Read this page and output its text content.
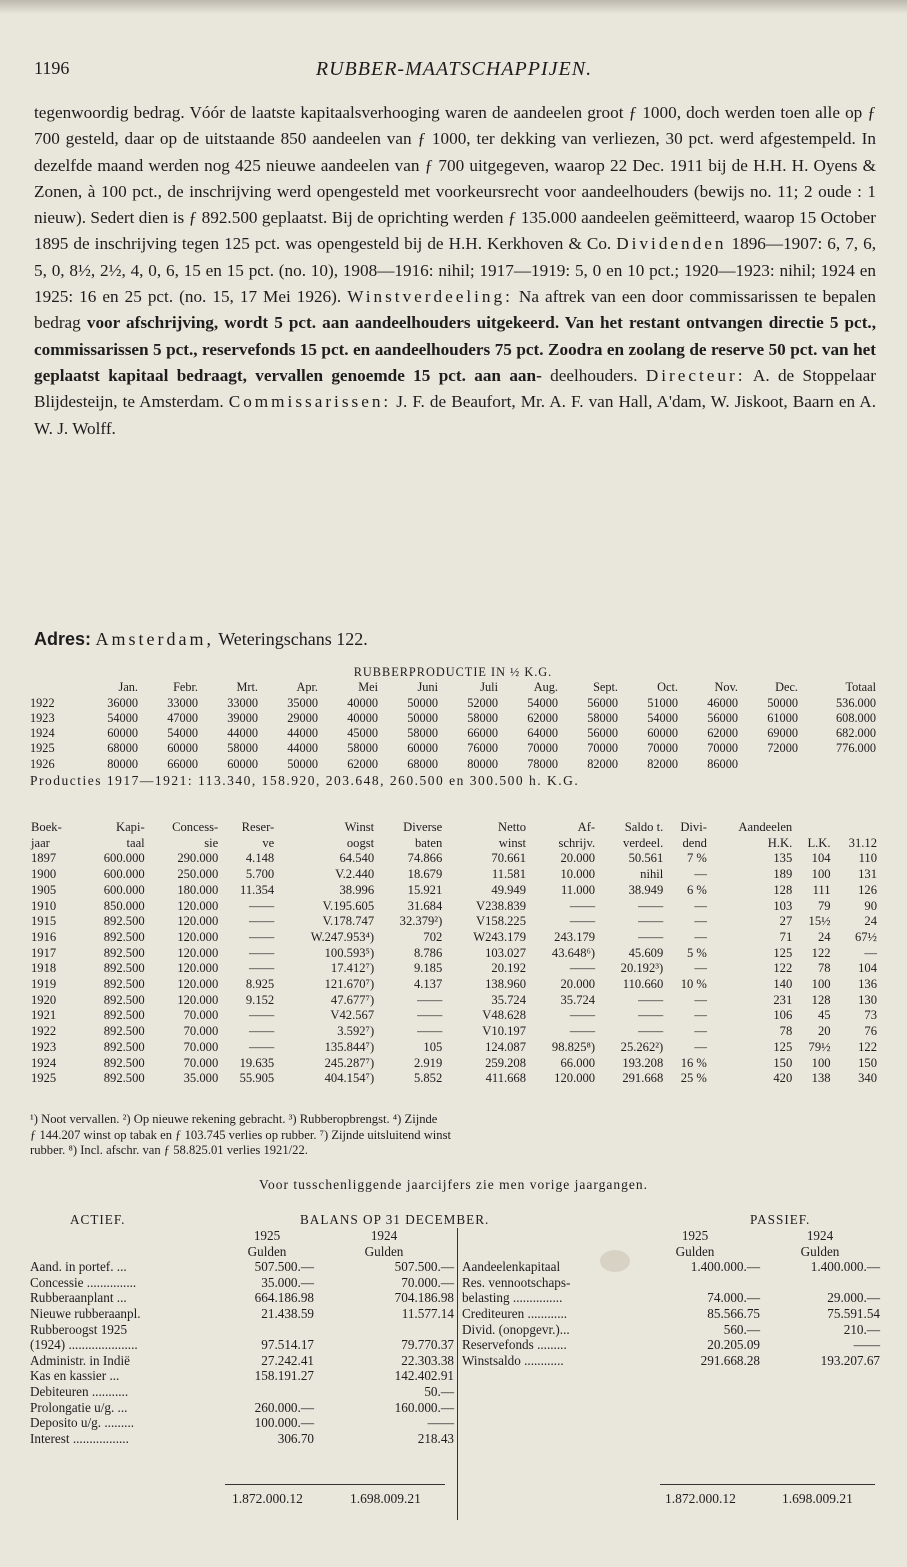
1196	RUBBER-MAATSCHAPPIJEN.

tegenwoordig bedrag. Vóór de laatste kapitaalsverhooging waren de aandeelen groot ƒ 1000, doch werden toen alle op ƒ 700 gesteld, daar op de uitstaande 850 aandeelen van ƒ 1000, ter dekking van verliezen, 30 pct. werd afgestempeld. In dezelfde maand werden nog 425 nieuwe aandeelen van ƒ 700 uitgegeven, waarop 22 Dec. 1911 bij de H.H. H. Oyens & Zonen, à 100 pct., de inschrijving werd opengesteld met voorkeursrecht voor aandeelhouders (bewijs no. 11; 2 oude : 1 nieuw). Sedert dien is ƒ 892.500 geplaatst. Bij de oprichting werden ƒ 135.000 aandeelen geëmitteerd, waarop 15 October 1895 de inschrijving tegen 125 pct. was opengesteld bij de H.H. Kerkhoven & Co. Dividenden 1896—1907: 6, 7, 6, 5, 0, 8½, 2½, 4, 0, 6, 15 en 15 pct. (no. 10), 1908—1916: nihil; 1917—1919: 5, 0 en 10 pct.; 1920—1923: nihil; 1924 en 1925: 16 en 25 pct. (no. 15, 17 Mei 1926). Winstverdeeling: Na aftrek van een door commissarissen te bepalen bedrag voor afschrijving, wordt 5 pct. aan aandeelhouders uitgekeerd. Van het restant ontvangen directie 5 pct., commissarissen 5 pct., reservefonds 15 pct. en aandeelhouders 75 pct. Zoodra en zoolang de reserve 50 pct. van het geplaatst kapitaal bedraagt, vervallen genoemde 15 pct. aan aan- deelhouders. Directeur: A. de Stoppelaar Blijdesteijn, te Amsterdam. Commissarissen: J. F. de Beaufort, Mr. A. F. van Hall, A'dam, W. Jiskoot, Baarn en A. W. J. Wolff.

Adres: Amsterdam, Weteringschans 122.
RUBBERPRODUCTIE IN ½ K.G.
	Jan.	Febr.	Mrt.	Apr.	Mei	Juni	Juli	Aug.	Sept.	Oct.	Nov.	Dec.	Totaal
1922	36000	33000	33000	35000	40000	50000	52000	54000	56000	51000	46000	50000	536.000
1923	54000	47000	39000	29000	40000	50000	58000	62000	58000	54000	56000	61000	608.000
1924	60000	54000	44000	44000	45000	58000	66000	64000	56000	60000	62000	69000	682.000
1925	68000	60000	58000	44000	58000	60000	76000	70000	70000	70000	70000	72000	776.000
1926	80000	66000	60000	50000	62000	68000	80000	78000	82000	82000	86000		
Producties 1917—1921: 113.340, 158.920, 203.648, 260.500 en 300.500 h. K.G.
Boek-	Kapi-	Concess-	Reser-	Winst	Diverse	Netto	Af-	Saldo t.	Divi-	Aandeelen		
jaar	taal	sie	ve	oogst	baten	winst	schrijv.	verdeel.	dend	H.K.	L.K.	31.12
1897	600.000	290.000	4.148	64.540	74.866	70.661	20.000	50.561	7 %	135	104	110
1900	600.000	250.000	5.700	V.2.440	18.679	11.581	10.000	nihil	—	189	100	131
1905	600.000	180.000	11.354	38.996	15.921	49.949	11.000	38.949	6 %	128	111	126
1910	850.000	120.000	——	V.195.605	31.684	V238.839	——	——	—	103	79	90
1915	892.500	120.000	——	V.178.747	32.379²)	V158.225	——	——	—	27	15½	24
1916	892.500	120.000	——	W.247.953⁴)	702	W243.179	243.179	——	—	71	24	67½
1917	892.500	120.000	——	100.593⁵)	8.786	103.027	43.648⁶)	45.609	5 %	125	122	—
1918	892.500	120.000	——	17.412⁷)	9.185	20.192	——	20.192³)	—	122	78	104
1919	892.500	120.000	8.925	121.670⁷)	4.137	138.960	20.000	110.660	10 %	140	100	136
1920	892.500	120.000	9.152	47.677⁷)	——	35.724	35.724	——	—	231	128	130
1921	892.500	70.000	——	V42.567	——	V48.628	——	——	—	106	45	73
1922	892.500	70.000	——	3.592⁷)	——	V10.197	——	——	—	78	20	76
1923	892.500	70.000	——	135.844⁷)	105	124.087	98.825⁸)	25.262²)	—	125	79½	122
1924	892.500	70.000	19.635	245.287⁷)	2.919	259.208	66.000	193.208	16 %	150	100	150
1925	892.500	35.000	55.905	404.154⁷)	5.852	411.668	120.000	291.668	25 %	420	138	340

¹) Noot vervallen. ²) Op nieuwe rekening gebracht. ³) Rubberopbrengst. ⁴) Zijnde

ƒ 144.207 winst op tabak en ƒ 103.745 verlies op rubber. ⁷) Zijnde uitsluitend winst

rubber. ⁸) Incl. afschr. van ƒ 58.825.01 verlies 1921/22.

Voor tusschenliggende jaarcijfers zie men vorige jaargangen.
ACTIEF.	BALANS OP 31 DECEMBER.	PASSIEF.
	1925	1924
	Gulden	Gulden
Aand. in portef. ...	507.500.—	507.500.—
Concessie ...............	35.000.—	70.000.—
Rubberaanplant ...	664.186.98	704.186.98
Nieuwe rubberaanpl.	21.438.59	11.577.14
Rubberoogst 1925		
(1924) .....................	97.514.17	79.770.37
Administr. in Indië	27.242.41	22.303.38
Kas en kassier ...	158.191.27	142.402.91
Debiteuren ...........		50.—
Prolongatie u/g. ...	260.000.—	160.000.—
Deposito u/g. .........	100.000.—	——
Interest .................	306.70	218.43
	1925	1924
	Gulden	Gulden
Aandeelenkapitaal	1.400.000.—	1.400.000.—
Res. vennootschaps-		
belasting ...............	74.000.—	29.000.—
Crediteuren ............	85.566.75	75.591.54
Divid. (onopgevr.)...	560.—	210.—
Reservefonds .........	20.205.09	——
Winstsaldo ............	291.668.28	193.207.67
1.872.000.12	1.698.009.21	1.872.000.12	1.698.009.21
